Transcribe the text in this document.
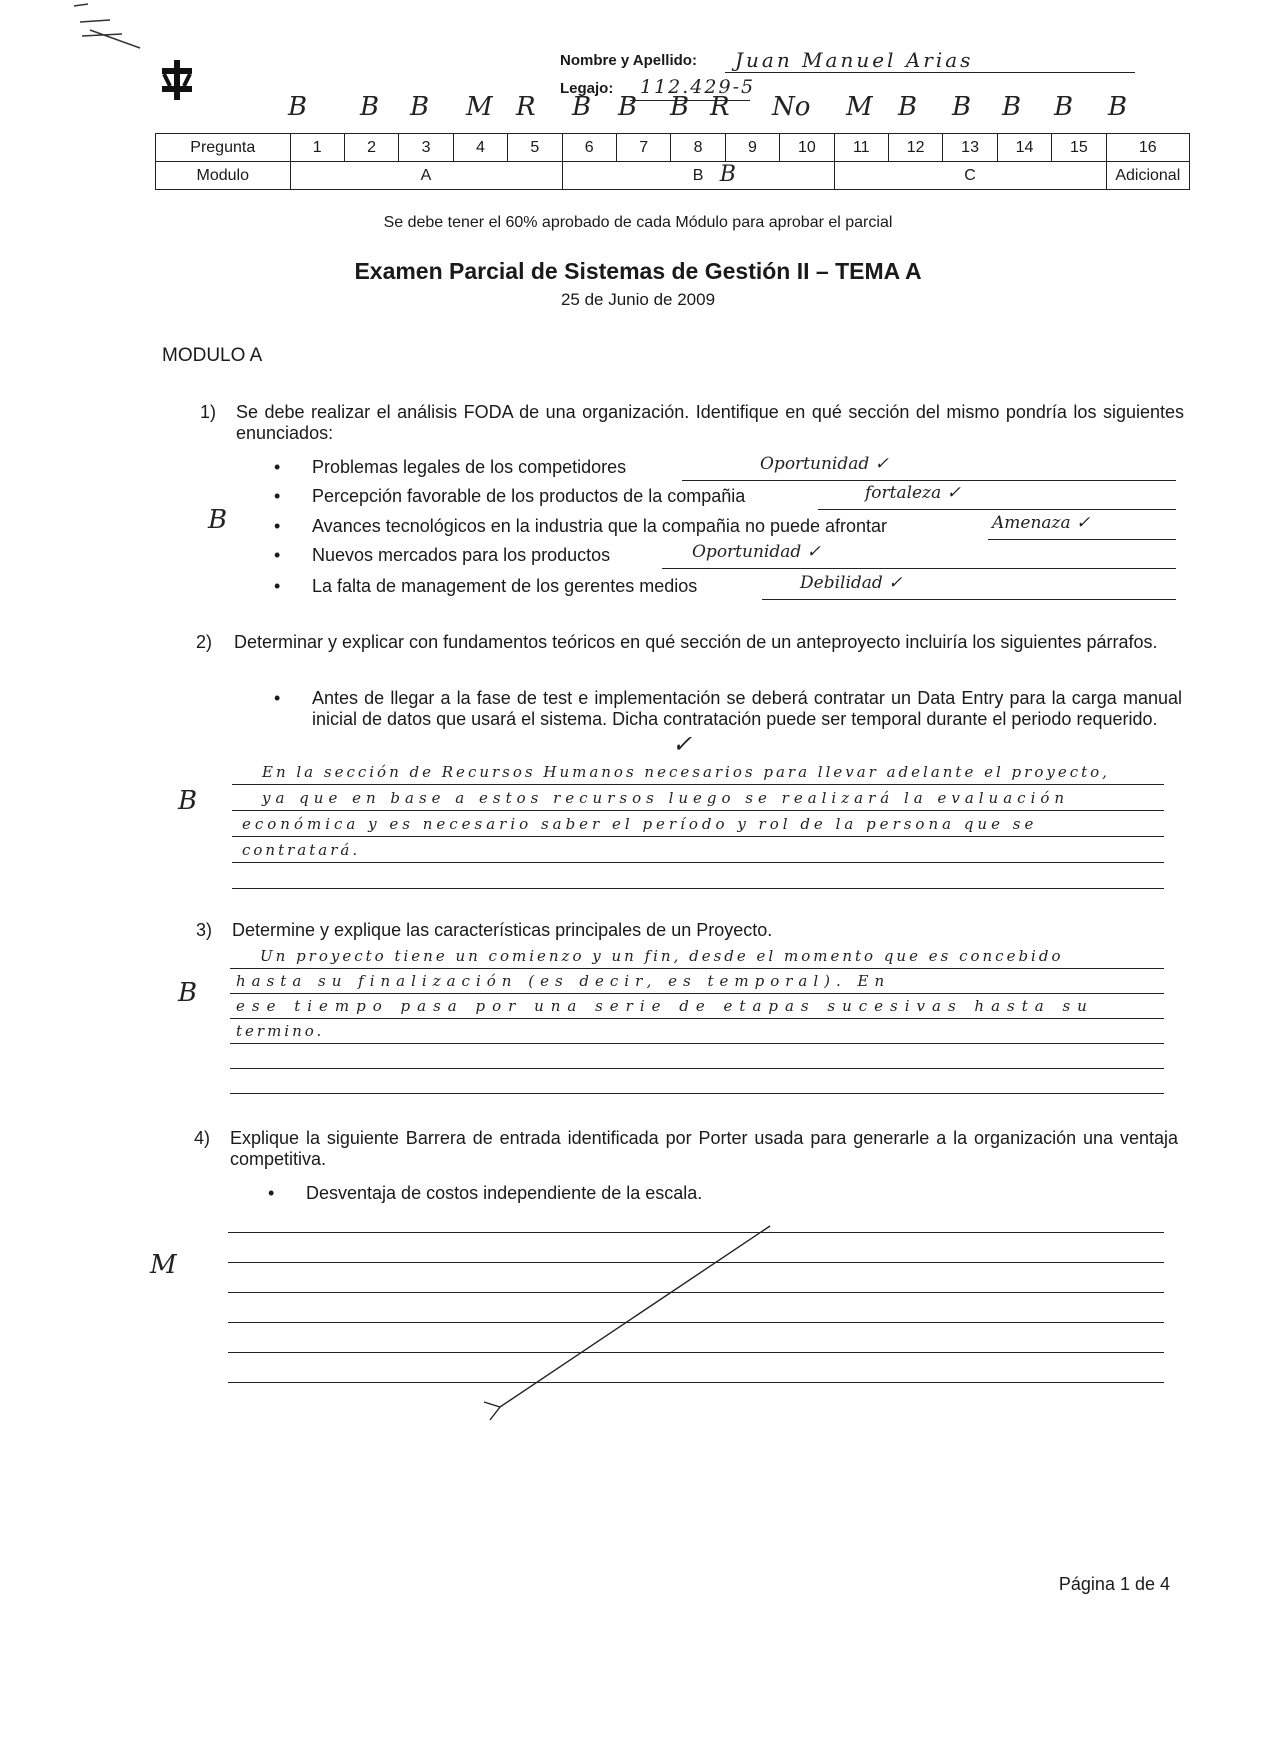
Nombre y Apellido: Juan Manuel Arias
Legajo: 112.429-5
B B B M R B B B R No M B B B B B
Pregunta	1	2	3	4	5	6	7	8	9	10	11	12	13	14	15	16
Modulo	A					B B					C					Adicional
Se debe tener el 60% aprobado de cada Módulo para aprobar el parcial
Examen Parcial de Sistemas de Gestión II – TEMA A
25 de Junio de 2009
MODULO A
1) Se debe realizar el análisis FODA de una organización. Identifique en qué sección del mismo pondría los siguientes enunciados:
• Problemas legales de los competidores	Oportunidad ✓
• Percepción favorable de los productos de la compañia	fortaleza ✓
• Avances tecnológicos en la industria que la compañia no puede afrontar	Amenaza ✓
• Nuevos mercados para los productos	Oportunidad ✓
• La falta de management de los gerentes medios	Debilidad ✓
B
2) Determinar y explicar con fundamentos teóricos en qué sección de un anteproyecto incluiría los siguientes párrafos.
• Antes de llegar a la fase de test e implementación se deberá contratar un Data Entry para la carga manual inicial de datos que usará el sistema. Dicha contratación puede ser temporal durante el periodo requerido.
✓
En la sección de Recursos Humanos necesarios para llevar adelante el proyecto,
ya que en base a estos recursos luego se realizará la evaluación
económica y es necesario saber el período y rol de la persona que se
contratará.
B
3) Determine y explique las características principales de un Proyecto.
Un proyecto tiene un comienzo y un fin, desde el momento que es concebido
hasta su finalización (es decir, es temporal). En
ese tiempo pasa por una serie de etapas sucesivas hasta su
termino.
B
4) Explique la siguiente Barrera de entrada identificada por Porter usada para generarle a la organización una ventaja competitiva.
• Desventaja de costos independiente de la escala.
M
Página 1 de 4
